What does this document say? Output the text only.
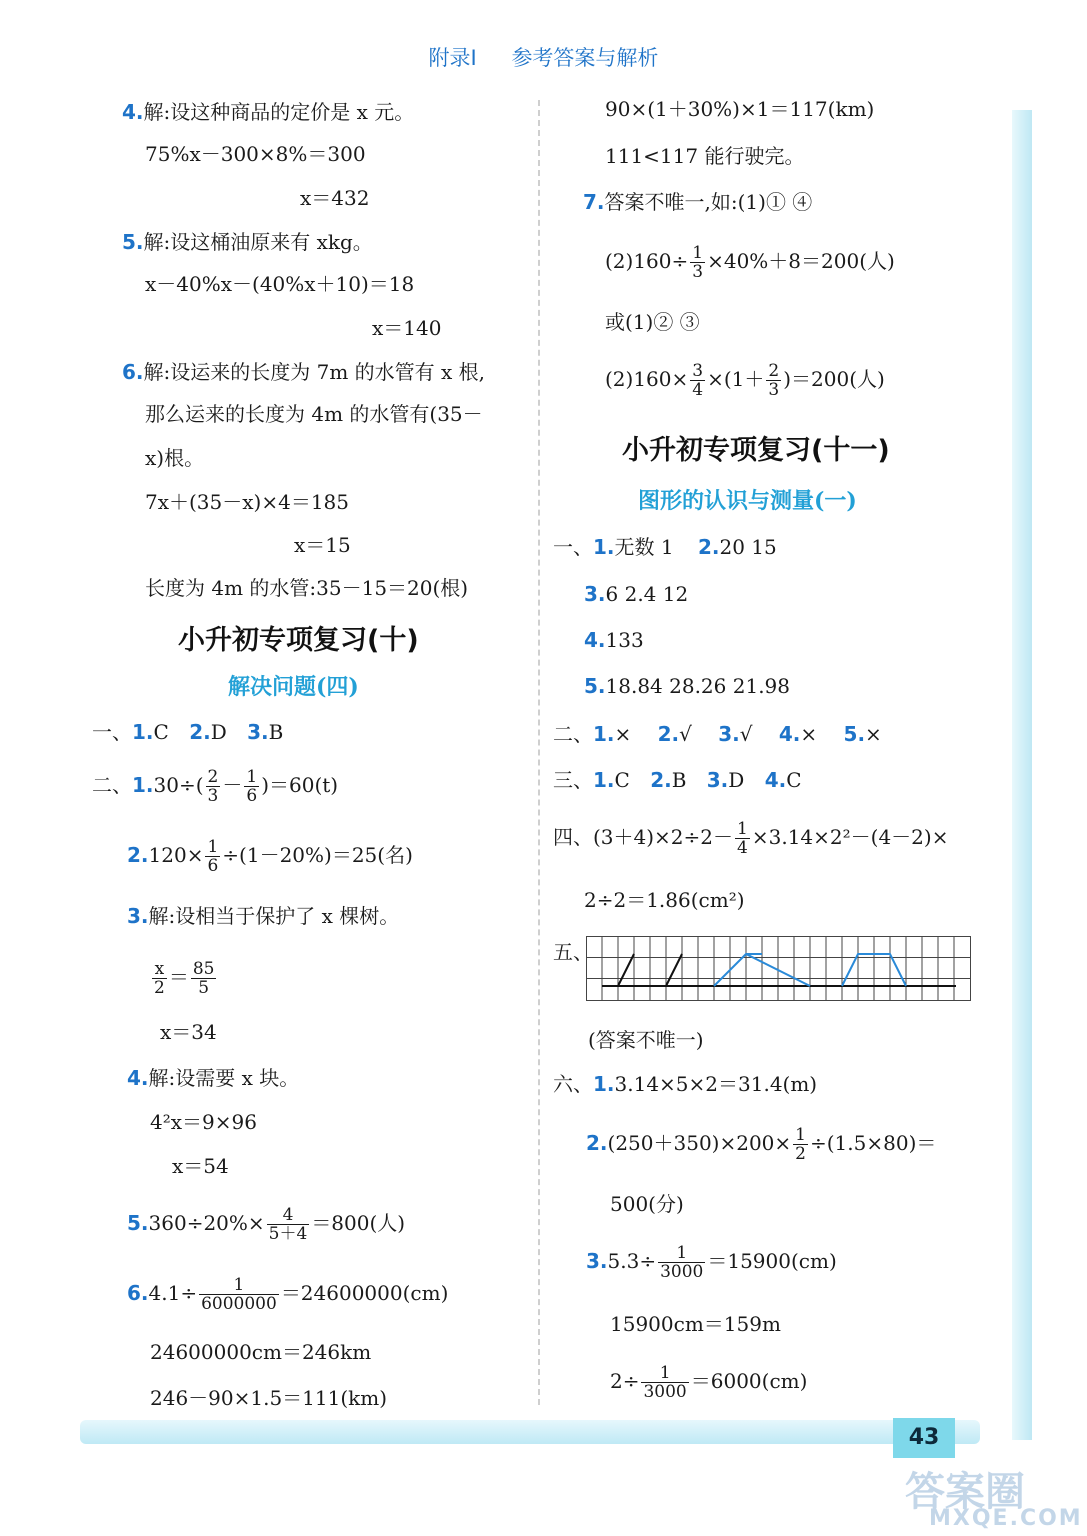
43
答案圈
MXQE.COM
附录Ⅰ 参考答案与解析
4.解:设这种商品的定价是 x 元。
75%x－300×8%＝300
x＝432
5.解:设这桶油原来有 xkg。
x－40%x－(40%x＋10)＝18
x＝140
6.解:设运来的长度为 7m 的水管有 x 根,
那么运来的长度为 4m 的水管有(35－
x)根。
7x＋(35－x)×4＝185
x＝15
长度为 4m 的水管:35－15＝20(根)
小升初专项复习(十)
解决问题(四)
一、1.C 2.D 3.B
二、$1.30\div( \frac{2}{3} - \frac{1}{6} )=60(t)$
$2.120\times \frac{1}{6} \div(1-20\%)=25$(名)
3.解:设相当于保护了 x 棵树。
$\frac{x}{2} = \frac{85}{5}$
x＝34
4.解:设需要 x 块。
4²x＝9×96
x＝54
$5.360\div 20\%\times \frac{4}{5+4} =800$(人)
$6.4.1\div \frac{1}{6000000} =24600000(cm)$
24600000cm＝246km
246－90×1.5＝111(km)
90×(1＋30%)×1＝117(km)
111<117 能行驶完。
7.答案不唯一,如:(1)① ④
$(2)160\div \frac{1}{3} \times 40\%+8=200$(人)
或(1)② ③
$(2)160\times \frac{3}{4} \times(1+ \frac{2}{3} )=200$(人)
小升初专项复习(十一)
图形的认识与测量(一)
一、1.无数 1 2.20 15
3.6 2.4 12
4.133
5.18.84 28.26 21.98
二、1.× 2.√ 3.√ 4.× 5.×
三、1.C 2.B 3.D 4.C
四、$(3+4)\times 2\div 2- \frac{1}{4} \times 3.14\times 2^2-(4-2)\times$
2÷2＝1.86(cm²)
五、
(答案不唯一)
六、1.3.14×5×2＝31.4(m)
$2.(250+350)\times 200\times \frac{1}{2} \div(1.5\times 80)=$
500(分)
$3.5.3\div \frac{1}{3000} =15900(cm)$
15900cm＝159m
$2\div \frac{1}{3000} =6000(cm)$
